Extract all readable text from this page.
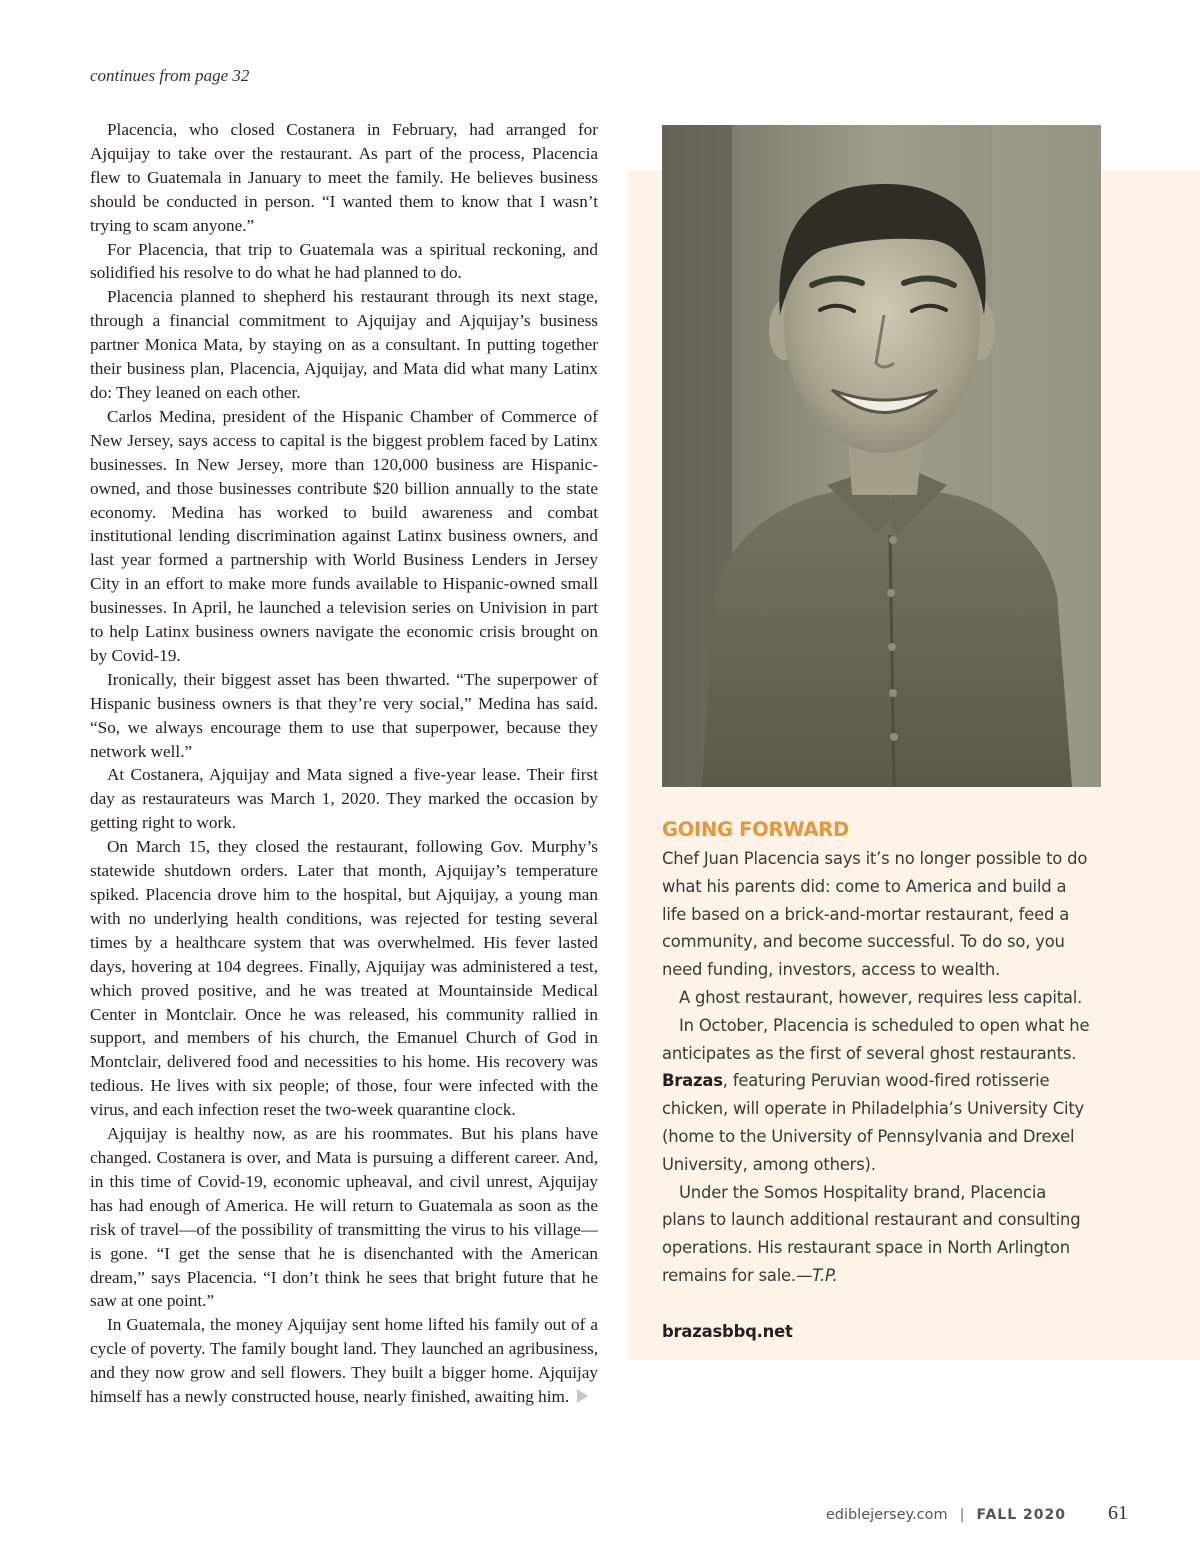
continues from page 32

Placencia, who closed Costanera in February, had arranged for Ajquijay to take over the restaurant. As part of the process, Placencia flew to Guatemala in January to meet the family. He believes business should be conducted in person. “I wanted them to know that I wasn’t trying to scam anyone.”

For Placencia, that trip to Guatemala was a spiritual reckoning, and solidified his resolve to do what he had planned to do.

Placencia planned to shepherd his restaurant through its next stage, through a financial commitment to Ajquijay and Ajquijay’s business partner Monica Mata, by staying on as a consultant. In putting together their business plan, Placencia, Ajquijay, and Mata did what many Latinx do: They leaned on each other.

Carlos Medina, president of the Hispanic Chamber of Commerce of New Jersey, says access to capital is the biggest problem faced by Latinx businesses. In New Jersey, more than 120,000 business are Hispanic-owned, and those businesses contribute $20 billion annually to the state economy. Medina has worked to build awareness and combat institutional lending discrimination against Latinx business owners, and last year formed a partnership with World Business Lenders in Jersey City in an effort to make more funds available to Hispanic-owned small businesses. In April, he launched a television series on Univision in part to help Latinx business owners navigate the economic crisis brought on by Covid-19.

Ironically, their biggest asset has been thwarted. “The superpower of Hispanic business owners is that they’re very social,” Medina has said. “So, we always encourage them to use that superpower, because they network well.”

At Costanera, Ajquijay and Mata signed a five-year lease. Their first day as restaurateurs was March 1, 2020. They marked the occasion by getting right to work.

On March 15, they closed the restaurant, following Gov. Murphy’s statewide shutdown orders. Later that month, Ajquijay’s temperature spiked. Placencia drove him to the hospital, but Ajquijay, a young man with no underlying health conditions, was rejected for testing several times by a healthcare system that was overwhelmed. His fever lasted days, hovering at 104 degrees. Finally, Ajquijay was administered a test, which proved positive, and he was treated at Mountainside Medical Center in Montclair. Once he was released, his community rallied in support, and members of his church, the Emanuel Church of God in Montclair, delivered food and necessities to his home. His recovery was tedious. He lives with six people; of those, four were infected with the virus, and each infection reset the two-week quarantine clock.

Ajquijay is healthy now, as are his roommates. But his plans have changed. Costanera is over, and Mata is pursuing a different career. And, in this time of Covid-19, economic upheaval, and civil unrest, Ajquijay has had enough of America. He will return to Guatemala as soon as the risk of travel—of the possibility of transmitting the virus to his village—is gone. “I get the sense that he is disenchanted with the American dream,” says Placencia. “I don’t think he sees that bright future that he saw at one point.”

In Guatemala, the money Ajquijay sent home lifted his family out of a cycle of poverty. The family bought land. They launched an agribusiness, and they now grow and sell flowers. They built a bigger home. Ajquijay himself has a newly constructed house, nearly finished, awaiting him.

GOING FORWARD

Chef Juan Placencia says it’s no longer possible to do what his parents did: come to America and build a life based on a brick-and-mortar restaurant, feed a community, and become successful. To do so, you need funding, investors, access to wealth.

A ghost restaurant, however, requires less capital.

In October, Placencia is scheduled to open what he anticipates as the first of several ghost restaurants.

Brazas, featuring Peruvian wood-fired rotisserie chicken, will operate in Philadelphia’s University City (home to the University of Pennsylvania and Drexel University, among others).

Under the Somos Hospitality brand, Placencia plans to launch additional restaurant and consulting operations. His restaurant space in North Arlington remains for sale.—T.P.

brazasbbq.net

ediblejersey.com | FALL 2020 61
